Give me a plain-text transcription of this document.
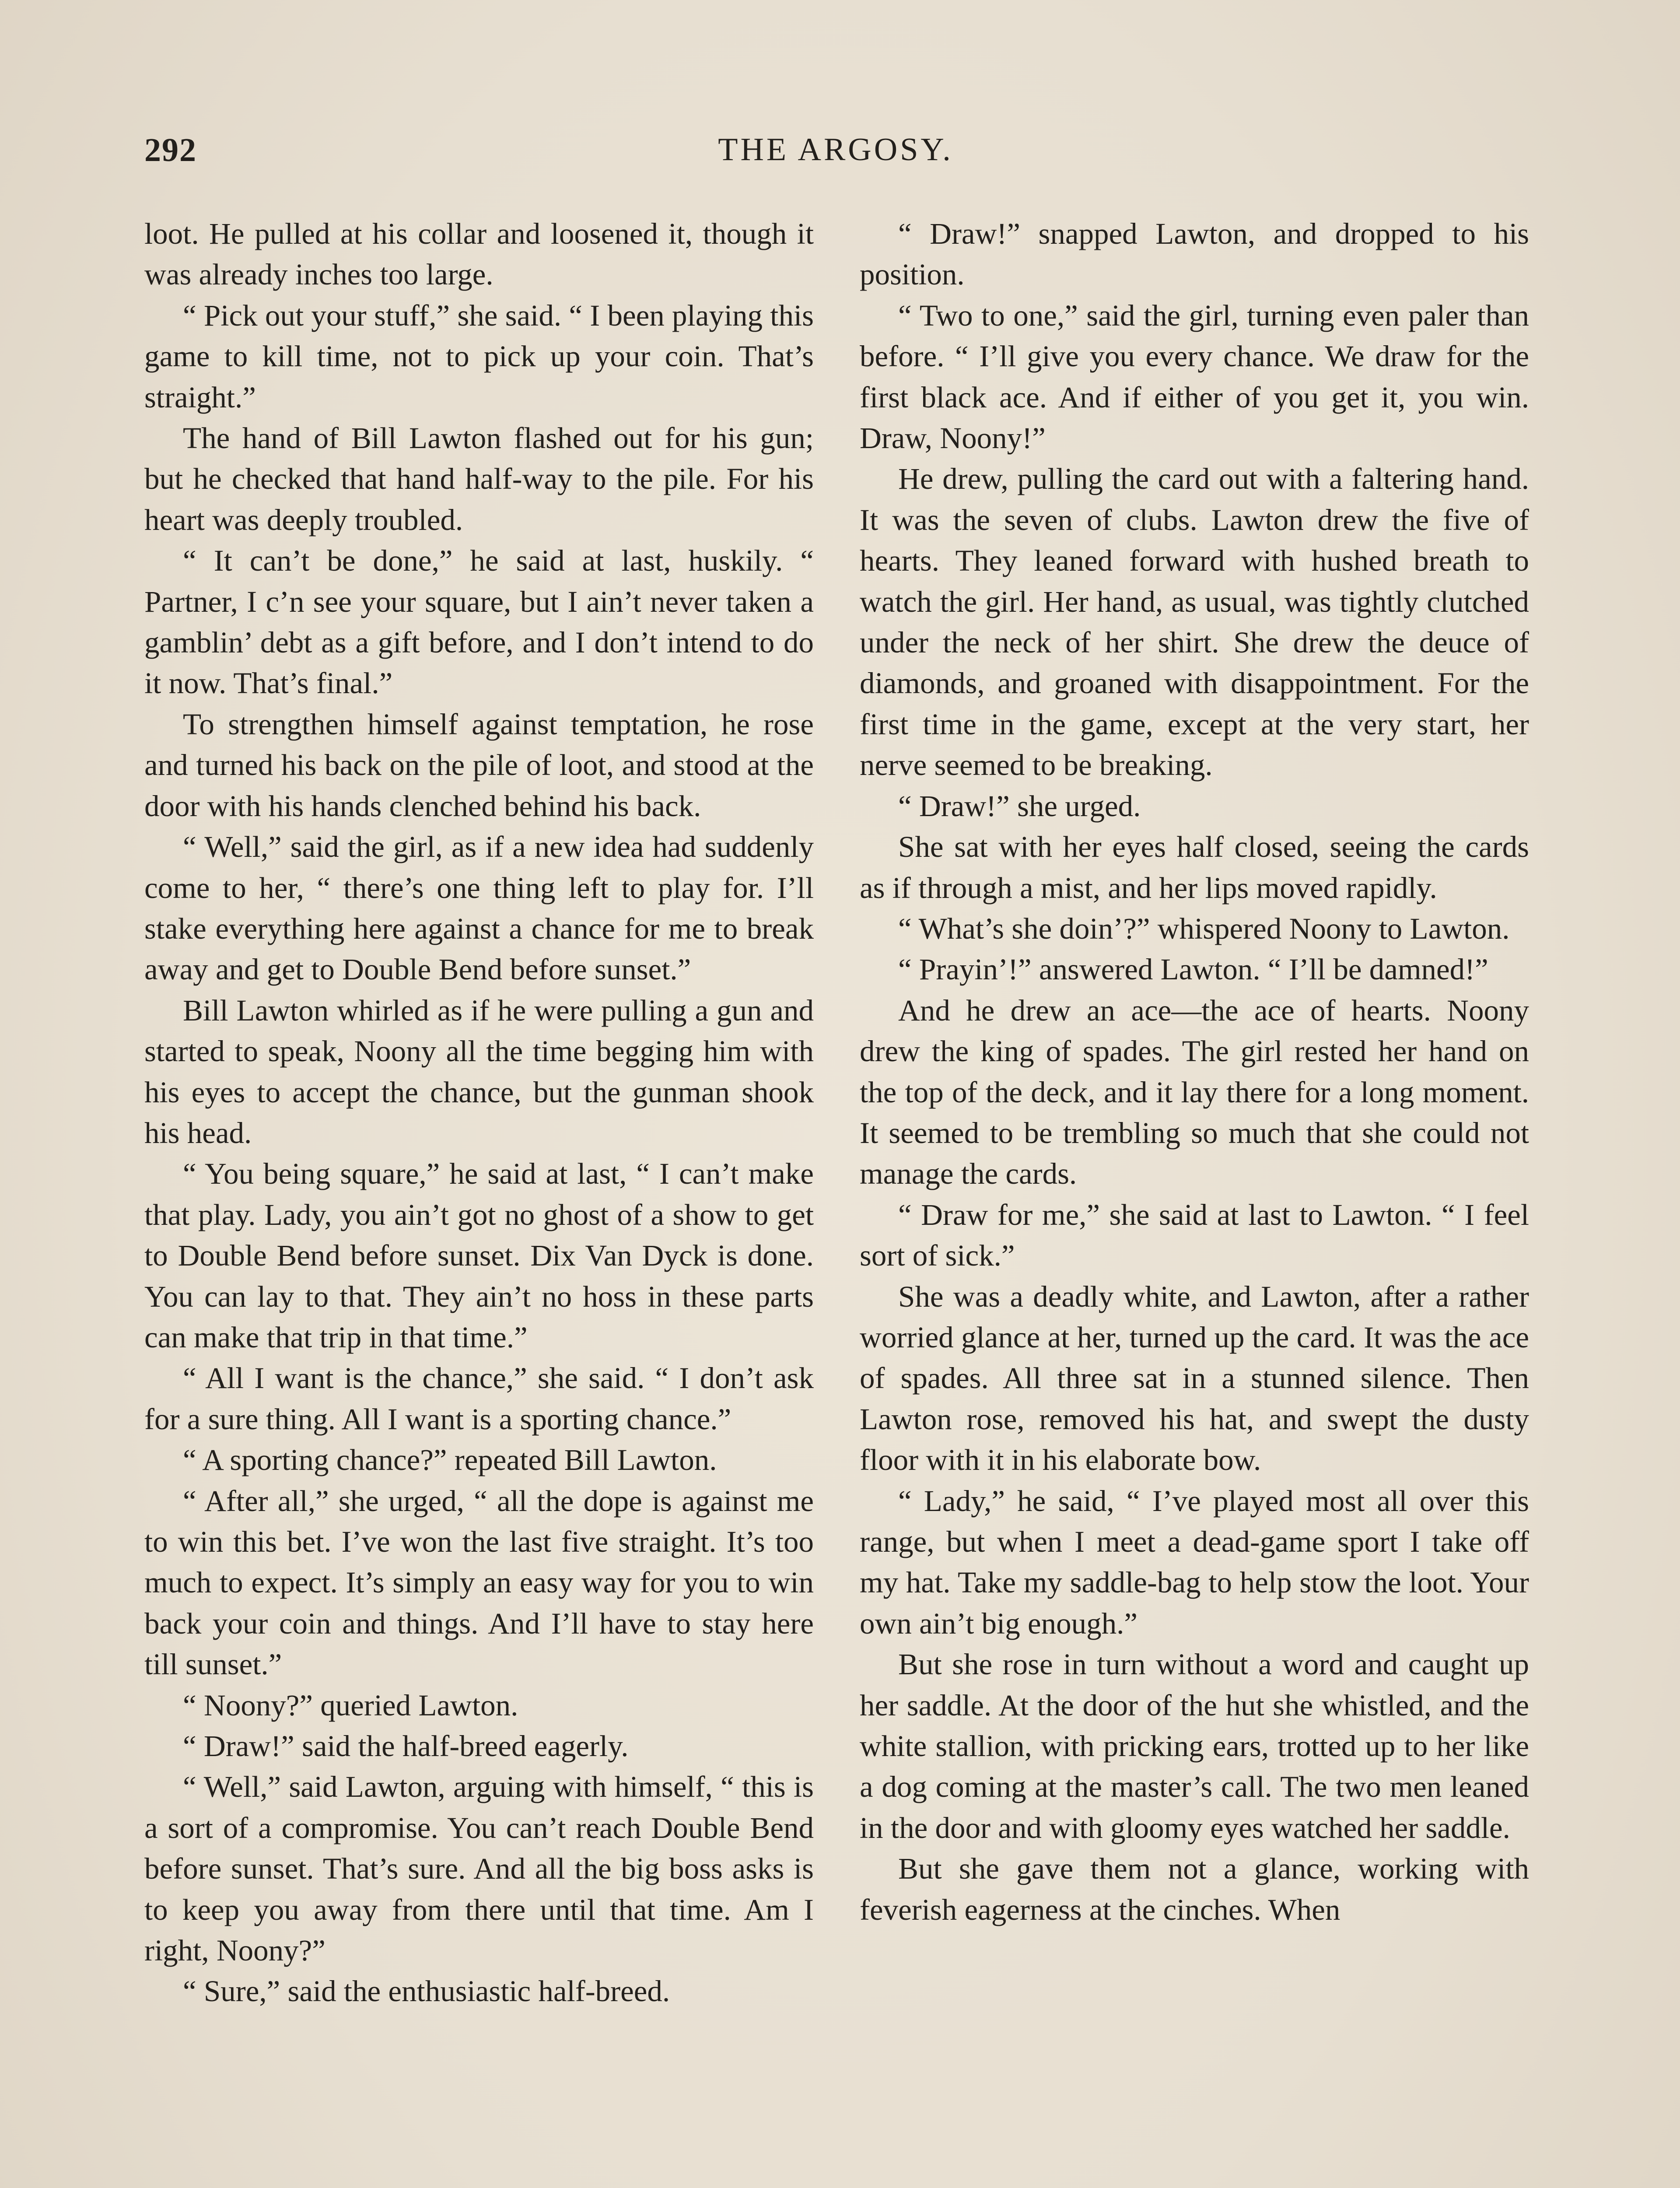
292	THE ARGOSY.

loot. He pulled at his collar and loosened it, though it was already inches too large.

“ Pick out your stuff,” she said. “ I been playing this game to kill time, not to pick up your coin. That’s straight.”

The hand of Bill Lawton flashed out for his gun; but he checked that hand half-way to the pile. For his heart was deeply troubled.

“ It can’t be done,” he said at last, huskily. “ Partner, I c’n see your square, but I ain’t never taken a gamblin’ debt as a gift before, and I don’t intend to do it now. That’s final.”

To strengthen himself against temptation, he rose and turned his back on the pile of loot, and stood at the door with his hands clenched behind his back.

“ Well,” said the girl, as if a new idea had suddenly come to her, “ there’s one thing left to play for. I’ll stake everything here against a chance for me to break away and get to Double Bend before sunset.”

Bill Lawton whirled as if he were pulling a gun and started to speak, Noony all the time begging him with his eyes to accept the chance, but the gunman shook his head.

“ You being square,” he said at last, “ I can’t make that play. Lady, you ain’t got no ghost of a show to get to Double Bend before sunset. Dix Van Dyck is done. You can lay to that. They ain’t no hoss in these parts can make that trip in that time.”

“ All I want is the chance,” she said. “ I don’t ask for a sure thing. All I want is a sporting chance.”

“ A sporting chance?” repeated Bill Lawton.

“ After all,” she urged, “ all the dope is against me to win this bet. I’ve won the last five straight. It’s too much to expect. It’s simply an easy way for you to win back your coin and things. And I’ll have to stay here till sunset.”

“ Noony?” queried Lawton.

“ Draw!” said the half-breed eagerly.

“ Well,” said Lawton, arguing with himself, “ this is a sort of a compromise. You can’t reach Double Bend before sunset. That’s sure. And all the big boss asks is to keep you away from there until that time. Am I right, Noony?”

“ Sure,” said the enthusiastic half-breed.

“ Draw!” snapped Lawton, and dropped to his position.

“ Two to one,” said the girl, turning even paler than before. “ I’ll give you every chance. We draw for the first black ace. And if either of you get it, you win. Draw, Noony!”

He drew, pulling the card out with a faltering hand. It was the seven of clubs. Lawton drew the five of hearts. They leaned forward with hushed breath to watch the girl. Her hand, as usual, was tightly clutched under the neck of her shirt. She drew the deuce of diamonds, and groaned with disappointment. For the first time in the game, except at the very start, her nerve seemed to be breaking.

“ Draw!” she urged.

She sat with her eyes half closed, seeing the cards as if through a mist, and her lips moved rapidly.

“ What’s she doin’?” whispered Noony to Lawton.

“ Prayin’!” answered Lawton. “ I’ll be damned!”

And he drew an ace—the ace of hearts. Noony drew the king of spades. The girl rested her hand on the top of the deck, and it lay there for a long moment. It seemed to be trembling so much that she could not manage the cards.

“ Draw for me,” she said at last to Lawton. “ I feel sort of sick.”

She was a deadly white, and Lawton, after a rather worried glance at her, turned up the card. It was the ace of spades. All three sat in a stunned silence. Then Lawton rose, removed his hat, and swept the dusty floor with it in his elaborate bow.

“ Lady,” he said, “ I’ve played most all over this range, but when I meet a dead-game sport I take off my hat. Take my saddle-bag to help stow the loot. Your own ain’t big enough.”

But she rose in turn without a word and caught up her saddle. At the door of the hut she whistled, and the white stallion, with pricking ears, trotted up to her like a dog coming at the master’s call. The two men leaned in the door and with gloomy eyes watched her saddle.

But she gave them not a glance, working with feverish eagerness at the cinches. When
